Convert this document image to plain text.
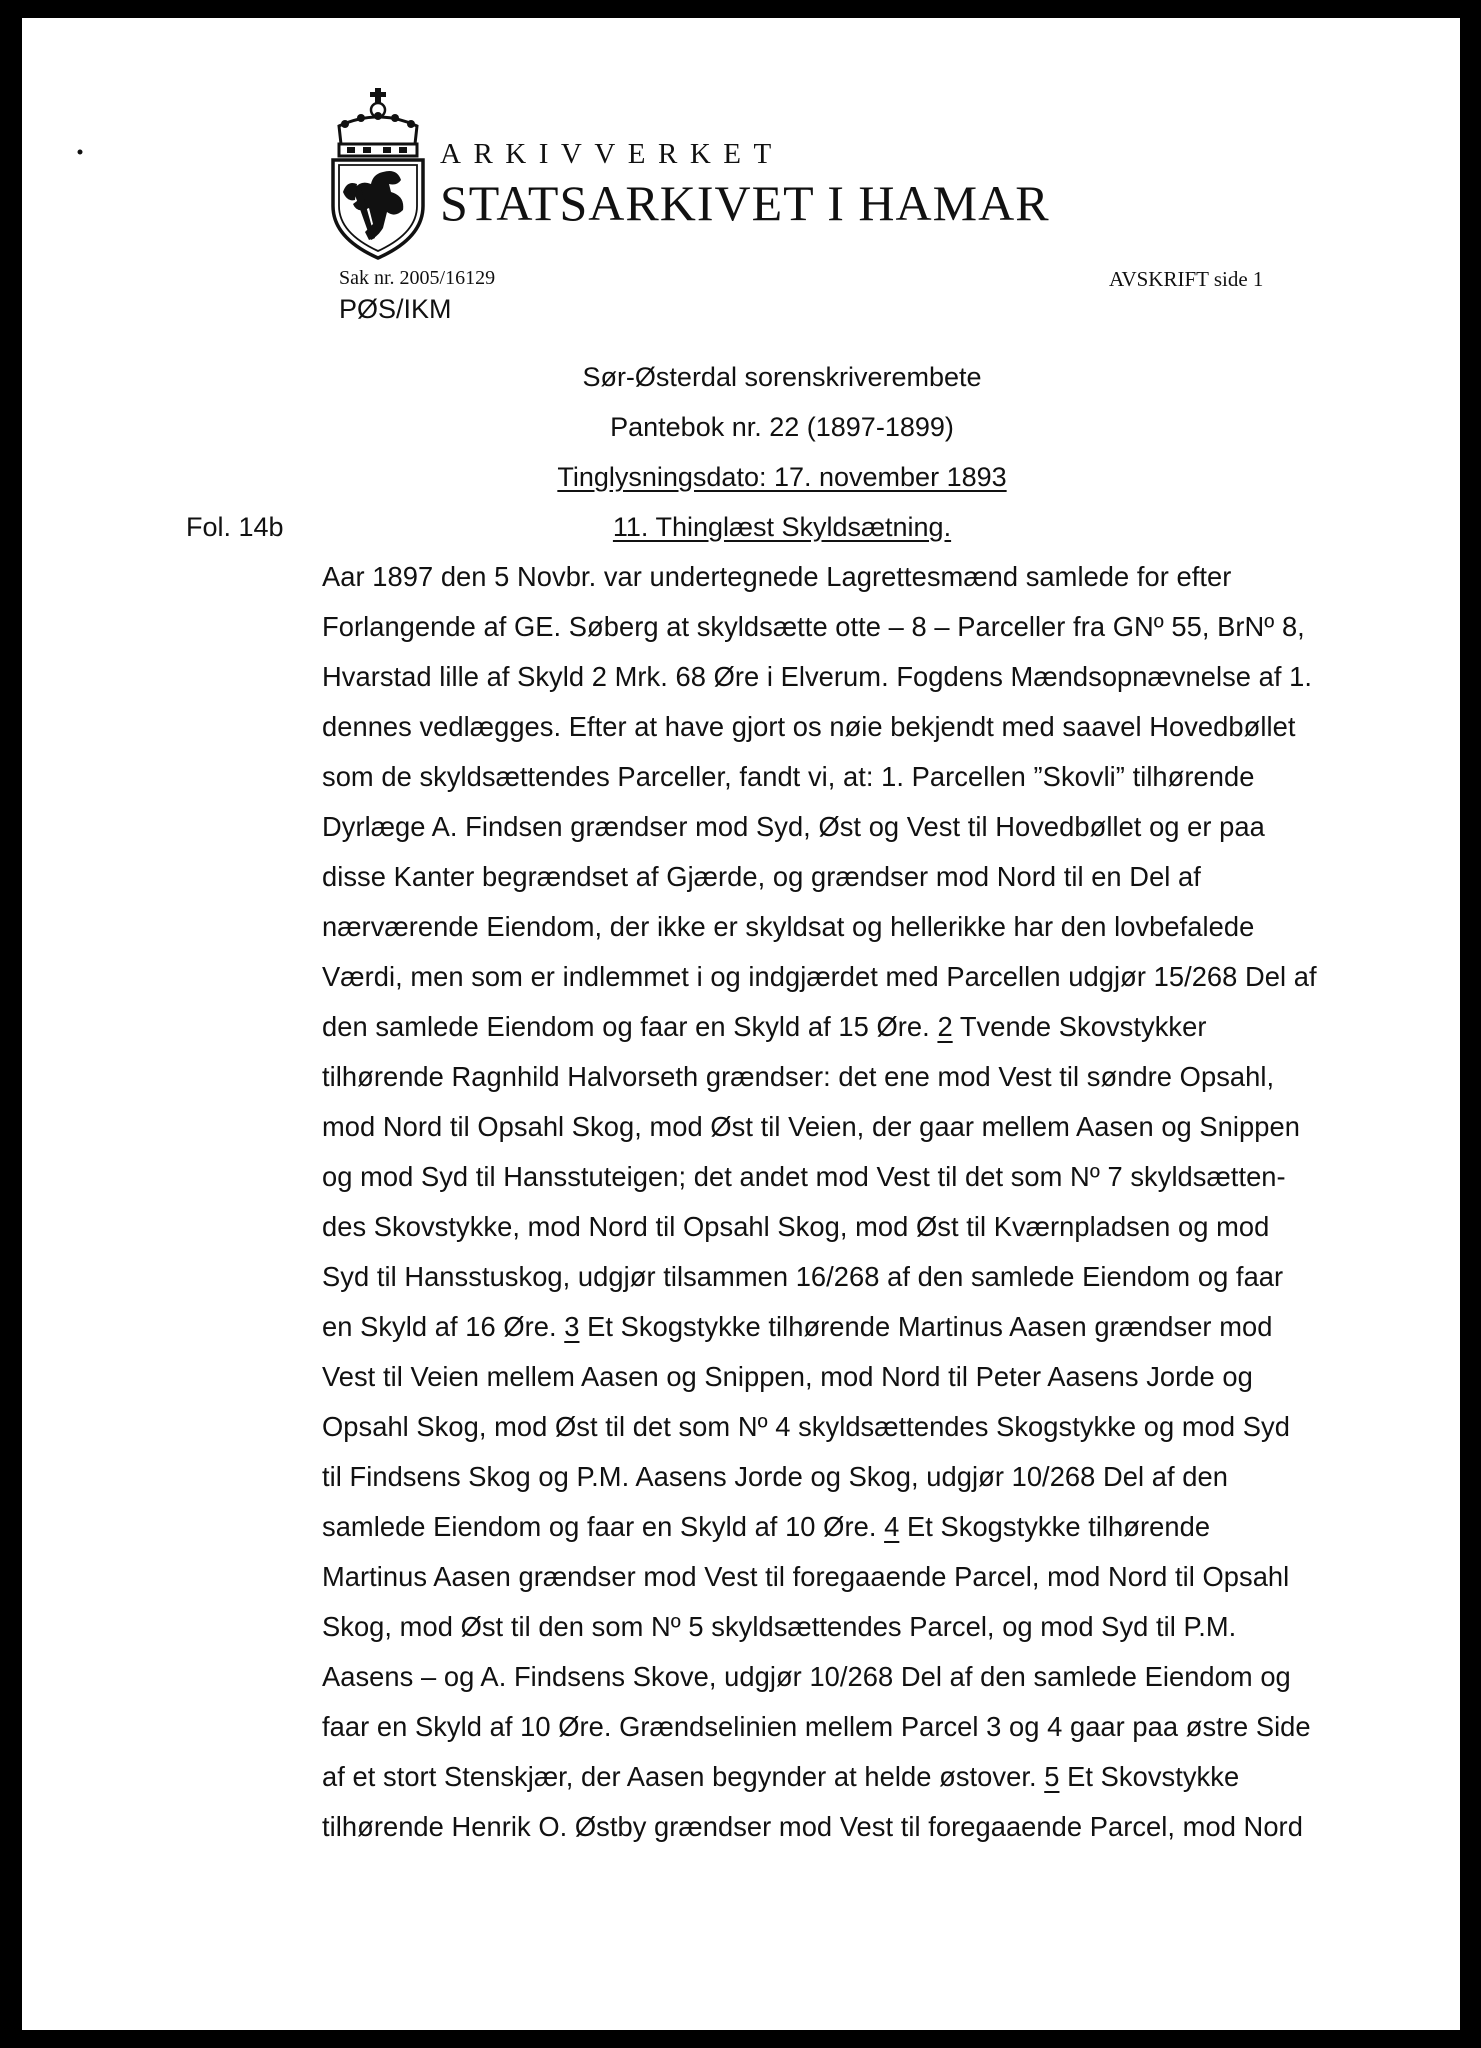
ARKIVVERKET
STATSARKIVET I HAMAR
Sak nr. 2005/16129
PØS/IKM
AVSKRIFT side 1
Sør-Østerdal sorenskriverembete
Pantebok nr. 22 (1897-1899)
Tinglysningsdato: 17. november 1893
11. Thinglæst Skyldsætning.
Fol. 14b
Aar 1897 den 5 Novbr. var undertegnede Lagrettesmænd samlede for efter
Forlangende af GE. Søberg at skyldsætte otte – 8 – Parceller fra GNº 55, BrNº 8,
Hvarstad lille af Skyld 2 Mrk. 68 Øre i Elverum. Fogdens Mændsopnævnelse af 1.
dennes vedlægges. Efter at have gjort os nøie bekjendt med saavel Hovedbøllet
som de skyldsættendes Parceller, fandt vi, at: 1. Parcellen ”Skovli” tilhørende
Dyrlæge A. Findsen grændser mod Syd, Øst og Vest til Hovedbøllet og er paa
disse Kanter begrændset af Gjærde, og grændser mod Nord til en Del af
nærværende Eiendom, der ikke er skyldsat og hellerikke har den lovbefalede
Værdi, men som er indlemmet i og indgjærdet med Parcellen udgjør 15/268 Del af
den samlede Eiendom og faar en Skyld af 15 Øre. 2 Tvende Skovstykker
tilhørende Ragnhild Halvorseth grændser: det ene mod Vest til søndre Opsahl,
mod Nord til Opsahl Skog, mod Øst til Veien, der gaar mellem Aasen og Snippen
og mod Syd til Hansstuteigen; det andet mod Vest til det som Nº 7 skyldsætten-
des Skovstykke, mod Nord til Opsahl Skog, mod Øst til Kværnpladsen og mod
Syd til Hansstuskog, udgjør tilsammen 16/268 af den samlede Eiendom og faar
en Skyld af 16 Øre. 3 Et Skogstykke tilhørende Martinus Aasen grændser mod
Vest til Veien mellem Aasen og Snippen, mod Nord til Peter Aasens Jorde og
Opsahl Skog, mod Øst til det som Nº 4 skyldsættendes Skogstykke og mod Syd
til Findsens Skog og P.M. Aasens Jorde og Skog, udgjør 10/268 Del af den
samlede Eiendom og faar en Skyld af 10 Øre. 4 Et Skogstykke tilhørende
Martinus Aasen grændser mod Vest til foregaaende Parcel, mod Nord til Opsahl
Skog, mod Øst til den som Nº 5 skyldsættendes Parcel, og mod Syd til P.M.
Aasens – og A. Findsens Skove, udgjør 10/268 Del af den samlede Eiendom og
faar en Skyld af 10 Øre. Grændselinien mellem Parcel 3 og 4 gaar paa østre Side
af et stort Stenskjær, der Aasen begynder at helde østover. 5 Et Skovstykke
tilhørende Henrik O. Østby grændser mod Vest til foregaaende Parcel, mod Nord
